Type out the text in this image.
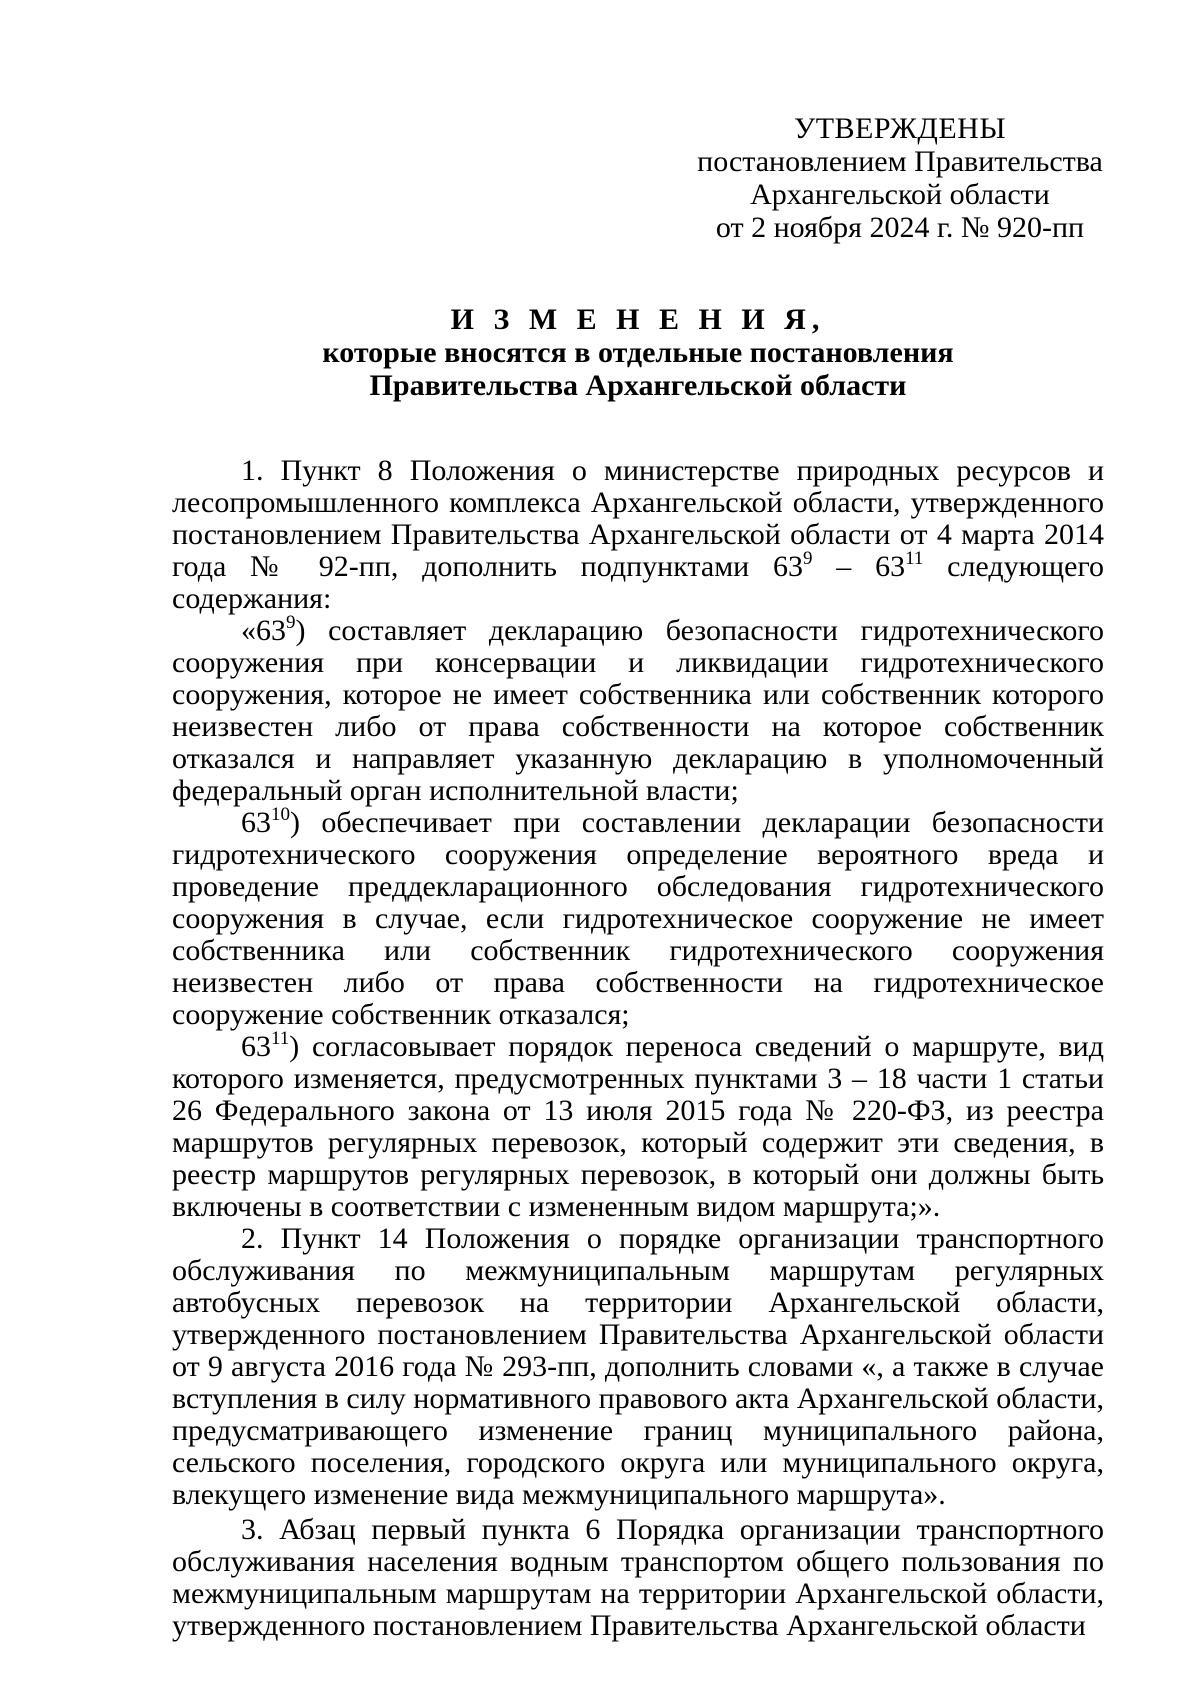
УТВЕРЖДЕНЫ
постановлением Правительства
Архангельской области
от 2 ноября 2024 г. № 920-пп
И З М Е Н Е Н И Я,
которые вносятся в отдельные постановления
Правительства Архангельской области

1. Пункт 8 Положения о министерстве природных ресурсов и лесопромышленного комплекса Архангельской области, утвержденного постановлением Правительства Архангельской области от 4 марта 2014 года № 92-пп, дополнить подпунктами $63^9 - 63^{11}$ следующего содержания:

«$63^9$) составляет декларацию безопасности гидротехнического сооружения при консервации и ликвидации гидротехнического сооружения, которое не имеет собственника или собственник которого неизвестен либо от права собственности на которое собственник отказался и направляет указанную декларацию в уполномоченный федеральный орган исполнительной власти;

$63^{10}$) обеспечивает при составлении декларации безопасности гидротехнического сооружения определение вероятного вреда и проведение преддекларационного обследования гидротехнического сооружения в случае, если гидротехническое сооружение не имеет собственника или собственник гидротехнического сооружения неизвестен либо от права собственности на гидротехническое сооружение собственник отказался;

$63^{11}$) согласовывает порядок переноса сведений о маршруте, вид которого изменяется, предусмотренных пунктами 3 – 18 части 1 статьи 26 Федерального закона от 13 июля 2015 года № 220-ФЗ, из реестра маршрутов регулярных перевозок, который содержит эти сведения, в реестр маршрутов регулярных перевозок, в который они должны быть включены в соответствии с измененным видом маршрута;».

2. Пункт 14 Положения о порядке организации транспортного обслуживания по межмуниципальным маршрутам регулярных автобусных перевозок на территории Архангельской области, утвержденного постановлением Правительства Архангельской области от 9 августа 2016 года № 293-пп, дополнить словами «, а также в случае вступления в силу нормативного правового акта Архангельской области, предусматривающего изменение границ муниципального района, сельского поселения, городского округа или муниципального округа, влекущего изменение вида межмуниципального маршрута».

3. Абзац первый пункта 6 Порядка организации транспортного обслуживания населения водным транспортом общего пользования по межмуниципальным маршрутам на территории Архангельской области, утвержденного постановлением Правительства Архангельской области
